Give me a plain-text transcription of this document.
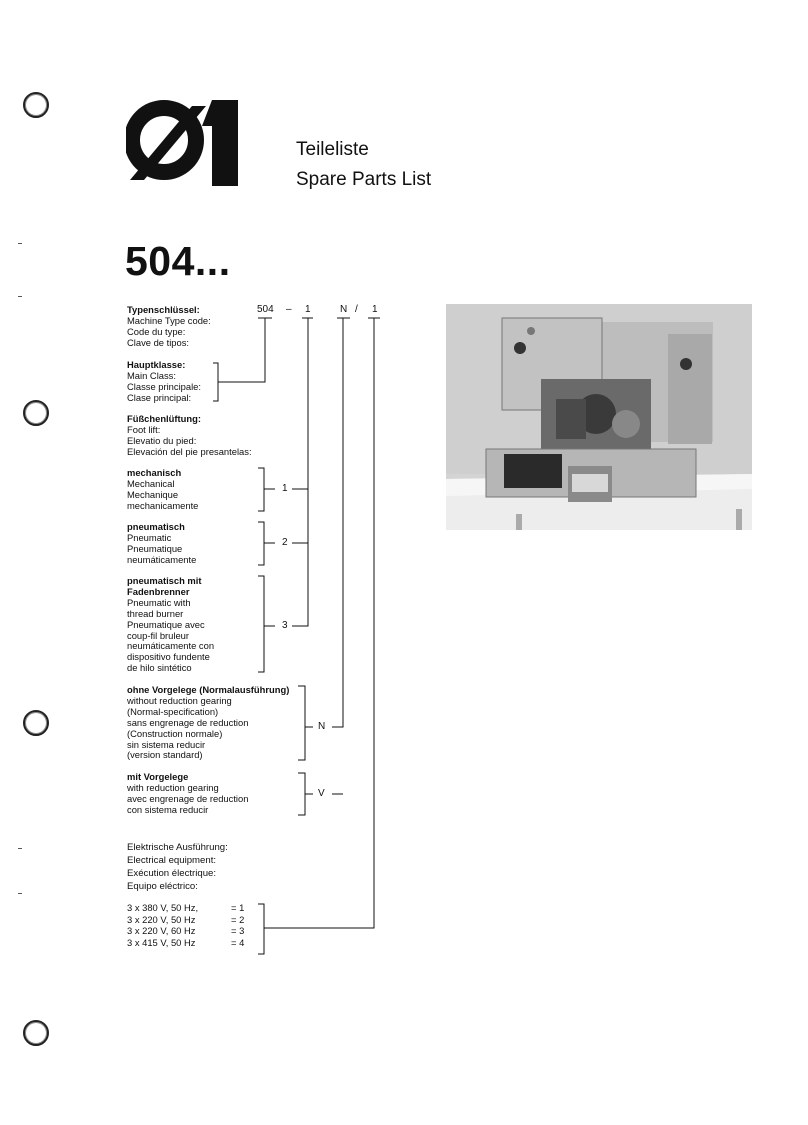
Teileliste
Spare Parts List
504...
504 – 1	N / 1
Typenschlüssel:
Machine Type code:
Code du type:
Clave de tipos:
Hauptklasse:
Main Class:
Classe principale:
Clase principal:
Füßchenlüftung:
Foot lift:
Elevatio du pied:
Elevación del pie presantelas:
mechanisch
Mechanical
Mechanique
mechanicamente
pneumatisch
Pneumatic
Pneumatique
neumáticamente
pneumatisch mit
Fadenbrenner
Pneumatic with
thread burner
Pneumatique avec
coup-fil bruleur
neumáticamente con
dispositivo fundente
de hilo sintético
ohne Vorgelege (Normalausführung)
without reduction gearing
(Normal-specification)
sans engrenage de reduction
(Construction normale)
sin sistema reducir
(version standard)
mit Vorgelege
with reduction gearing
avec engrenage de reduction
con sistema reducir
Elektrische Ausführung:
Electrical equipment:
Exécution électrique:
Equipo eléctrico:
3 x 380 V, 50 Hz,	= 1
3 x 220 V, 50 Hz	= 2
3 x 220 V, 60 Hz	= 3
3 x 415 V, 50 Hz	= 4
1
2
3
N
V
